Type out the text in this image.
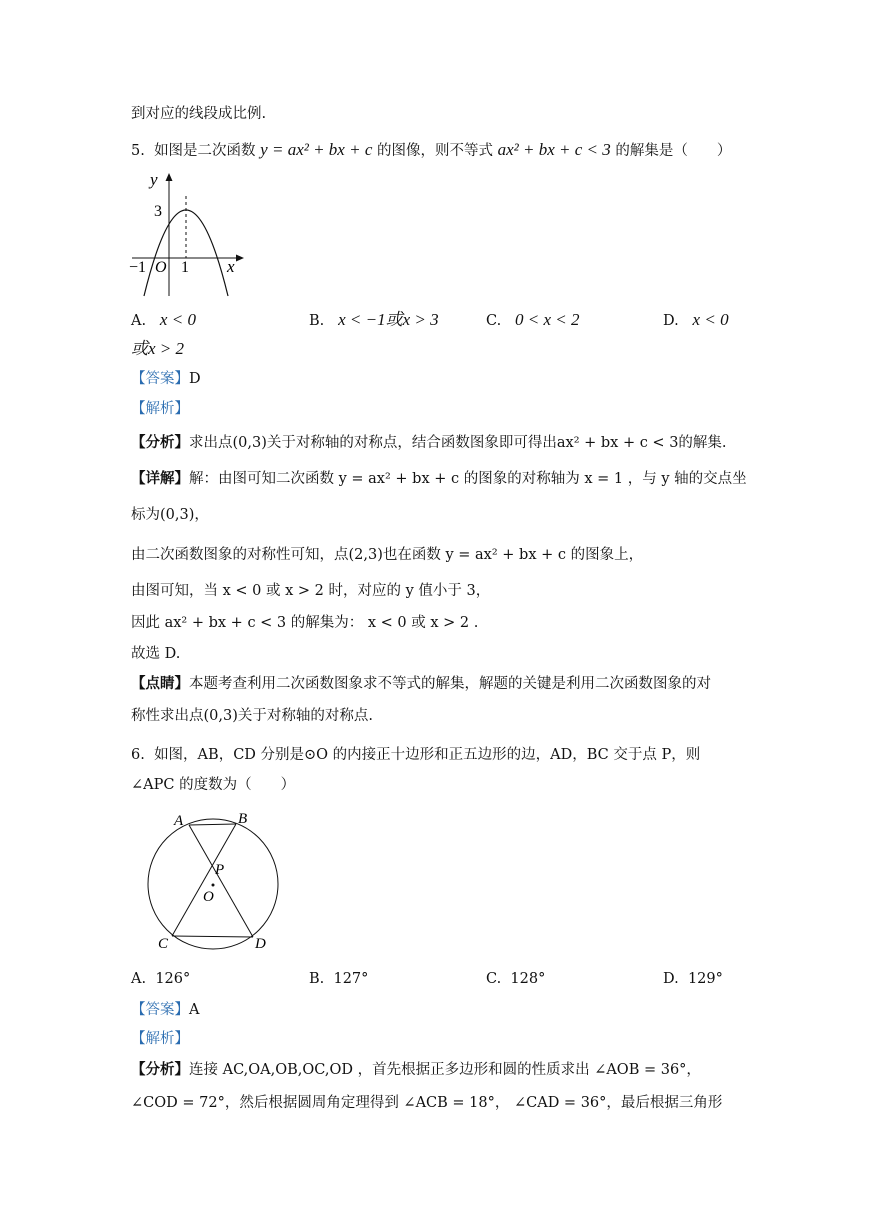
到对应的线段成比例.
5. 如图是二次函数 y = ax² + bx + c 的图像，则不等式 ax² + bx + c < 3 的解集是（　　）
y
3
−1 O 1 x
A. x < 0	B. x < −1或x > 3	C. 0 < x < 2	D. x < 0
或x > 2
【答案】D
【解析】
【分析】求出点(0,3)关于对称轴的对称点，结合函数图象即可得出ax² + bx + c < 3的解集.
【详解】解：由图可知二次函数 y = ax² + bx + c 的图象的对称轴为 x = 1 ，与 y 轴的交点坐
标为(0,3)，
由二次函数图象的对称性可知，点(2,3)也在函数 y = ax² + bx + c 的图象上，
由图可知，当 x < 0 或 x > 2 时，对应的 y 值小于 3，
因此 ax² + bx + c < 3 的解集为： x < 0 或 x > 2 .
故选 D.
【点睛】本题考查利用二次函数图象求不等式的解集，解题的关键是利用二次函数图象的对
称性求出点(0,3)关于对称轴的对称点.
6. 如图，AB，CD 分别是⊙O 的内接正十边形和正五边形的边，AD，BC 交于点 P，则
∠APC 的度数为（　　）
A	B
P
O
C	D
A. 126°	B. 127°	C. 128°	D. 129°
【答案】A
【解析】
【分析】连接 AC,OA,OB,OC,OD ，首先根据正多边形和圆的性质求出 ∠AOB = 36°，
∠COD = 72°，然后根据圆周角定理得到 ∠ACB = 18°， ∠CAD = 36°，最后根据三角形
